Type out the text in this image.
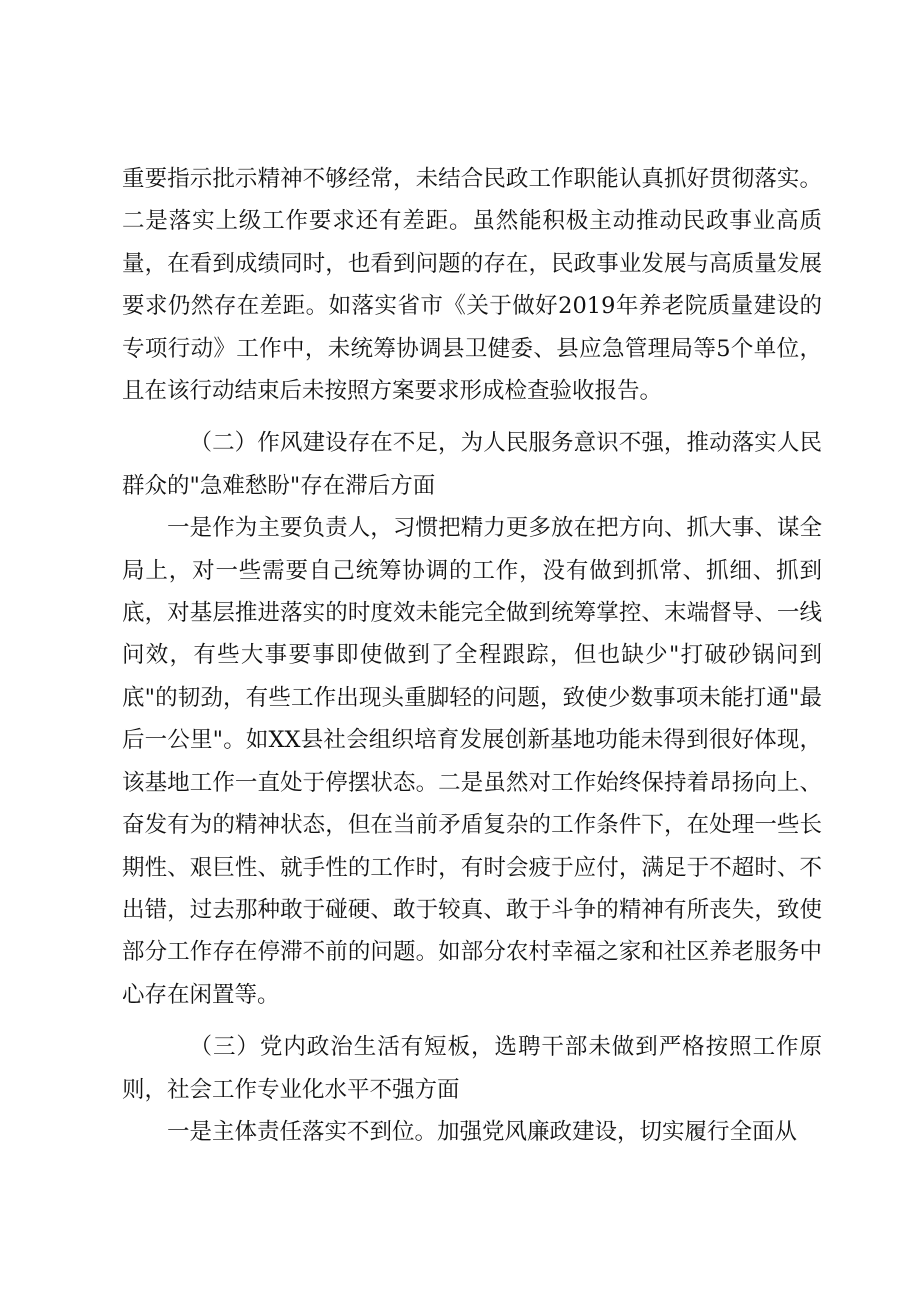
重要指示批示精神不够经常，未结合民政工作职能认真抓好贯彻落实。二是落实上级工作要求还有差距。虽然能积极主动推动民政事业高质量，在看到成绩同时，也看到问题的存在，民政事业发展与高质量发展要求仍然存在差距。如落实省市《关于做好2019年养老院质量建设的专项行动》工作中，未统筹协调县卫健委、县应急管理局等5个单位，且在该行动结束后未按照方案要求形成检查验收报告。

（二）作风建设存在不足，为人民服务意识不强，推动落实人民群众的"急难愁盼"存在滞后方面

一是作为主要负责人，习惯把精力更多放在把方向、抓大事、谋全局上，对一些需要自己统筹协调的工作，没有做到抓常、抓细、抓到底，对基层推进落实的时度效未能完全做到统筹掌控、末端督导、一线问效，有些大事要事即使做到了全程跟踪，但也缺少"打破砂锅问到底"的韧劲，有些工作出现头重脚轻的问题，致使少数事项未能打通"最后一公里"。如XX县社会组织培育发展创新基地功能未得到很好体现，该基地工作一直处于停摆状态。二是虽然对工作始终保持着昂扬向上、奋发有为的精神状态，但在当前矛盾复杂的工作条件下，在处理一些长期性、艰巨性、就手性的工作时，有时会疲于应付，满足于不超时、不出错，过去那种敢于碰硬、敢于较真、敢于斗争的精神有所丧失，致使部分工作存在停滞不前的问题。如部分农村幸福之家和社区养老服务中心存在闲置等。

（三）党内政治生活有短板，选聘干部未做到严格按照工作原则，社会工作专业化水平不强方面

一是主体责任落实不到位。加强党风廉政建设，切实履行全面从
